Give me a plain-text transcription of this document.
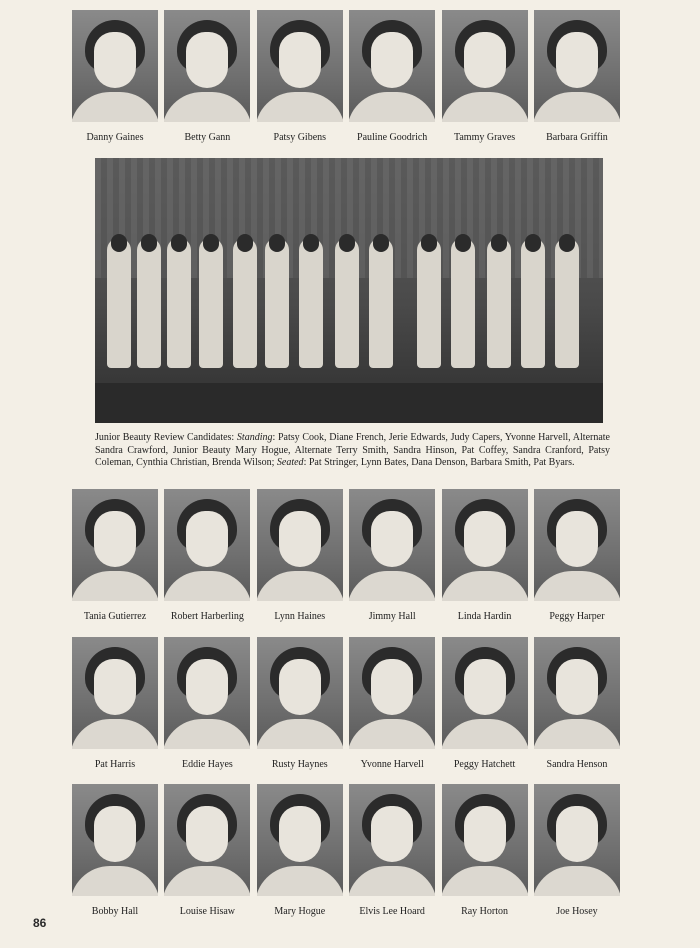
Danny Gaines	Betty Gann	Patsy Gibens	Pauline Goodrich	Tammy Graves	Barbara Griffin
Junior Beauty Review Candidates: Standing: Patsy Cook, Diane French, Jerie Edwards, Judy Capers, Yvonne Harvell, Alternate Sandra Crawford, Junior Beauty Mary Hogue, Alternate Terry Smith, Sandra Hinson, Pat Coffey, Sandra Cranford, Patsy Coleman, Cynthia Christian, Brenda Wilson; Seated: Pat Stringer, Lynn Bates, Dana Denson, Barbara Smith, Pat Byars.
Tania Gutierrez Robert Harberling	Lynn Haines	Jimmy Hall	Linda Hardin	Peggy Harper
Pat Harris	Eddie Hayes	Rusty Haynes	Yvonne Harvell	Peggy Hatchett	Sandra Henson
Bobby Hall	Louise Hisaw	Mary Hogue	Elvis Lee Hoard	Ray Horton	Joe Hosey
86
